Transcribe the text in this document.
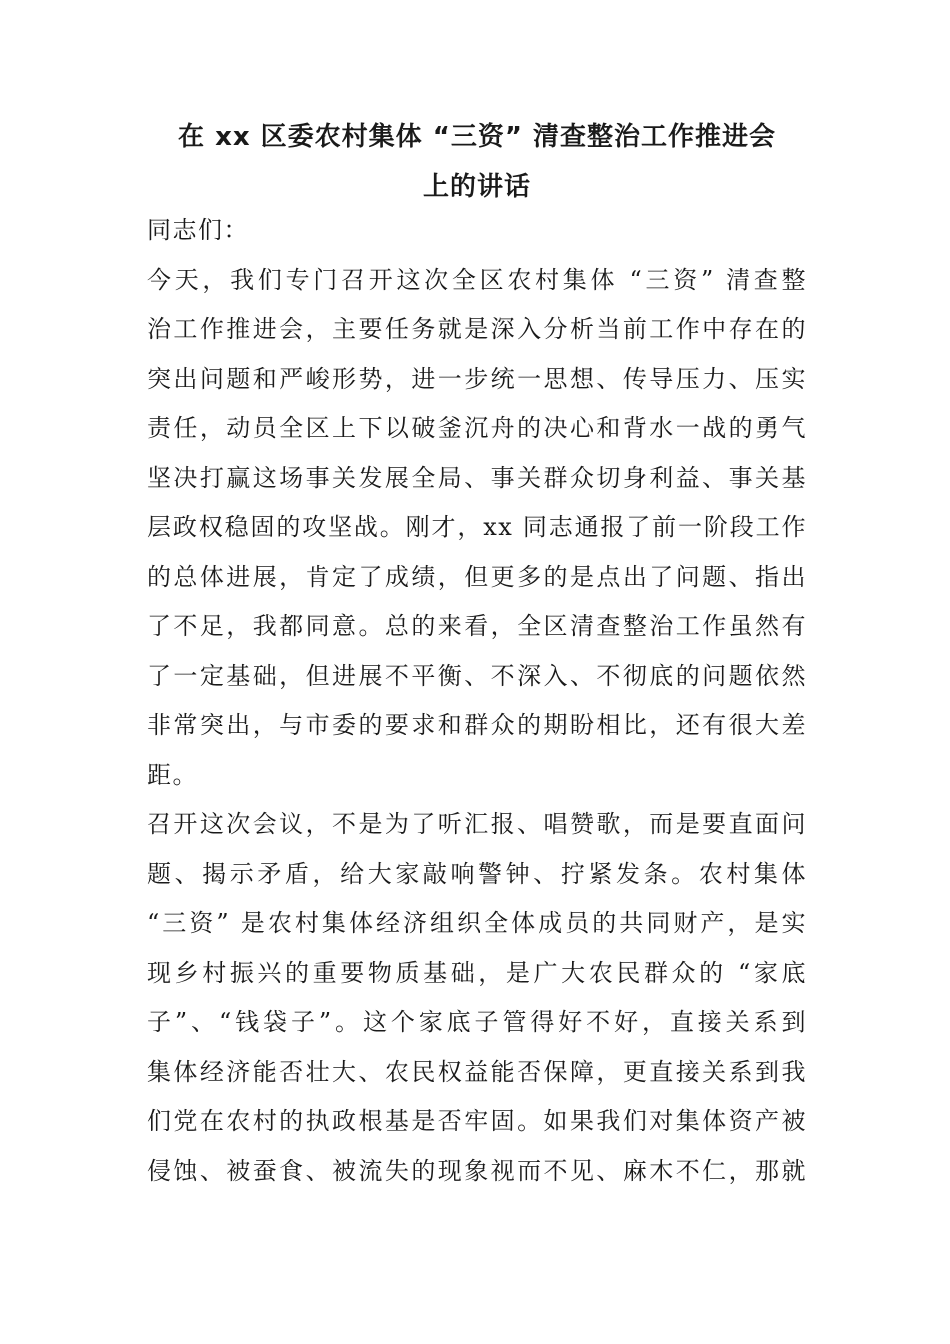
在 xx 区委农村集体 “三资” 清查整治工作推进会
上的讲话

同志们：

今天，我们专门召开这次全区农村集体 “三资” 清查整
治工作推进会，主要任务就是深入分析当前工作中存在的
突出问题和严峻形势，进一步统一思想、传导压力、压实
责任，动员全区上下以破釜沉舟的决心和背水一战的勇气
坚决打赢这场事关发展全局、事关群众切身利益、事关基
层政权稳固的攻坚战。刚才，xx 同志通报了前一阶段工作
的总体进展，肯定了成绩，但更多的是点出了问题、指出
了不足，我都同意。总的来看，全区清查整治工作虽然有
了一定基础，但进展不平衡、不深入、不彻底的问题依然
非常突出，与市委的要求和群众的期盼相比，还有很大差
距。

召开这次会议，不是为了听汇报、唱赞歌，而是要直面问
题、揭示矛盾，给大家敲响警钟、拧紧发条。农村集体
“三资” 是农村集体经济组织全体成员的共同财产，是实
现乡村振兴的重要物质基础，是广大农民群众的 “家底
子”、“钱袋子”。这个家底子管得好不好，直接关系到
集体经济能否壮大、农民权益能否保障，更直接关系到我
们党在农村的执政根基是否牢固。如果我们对集体资产被
侵蚀、被蚕食、被流失的现象视而不见、麻木不仁，那就
